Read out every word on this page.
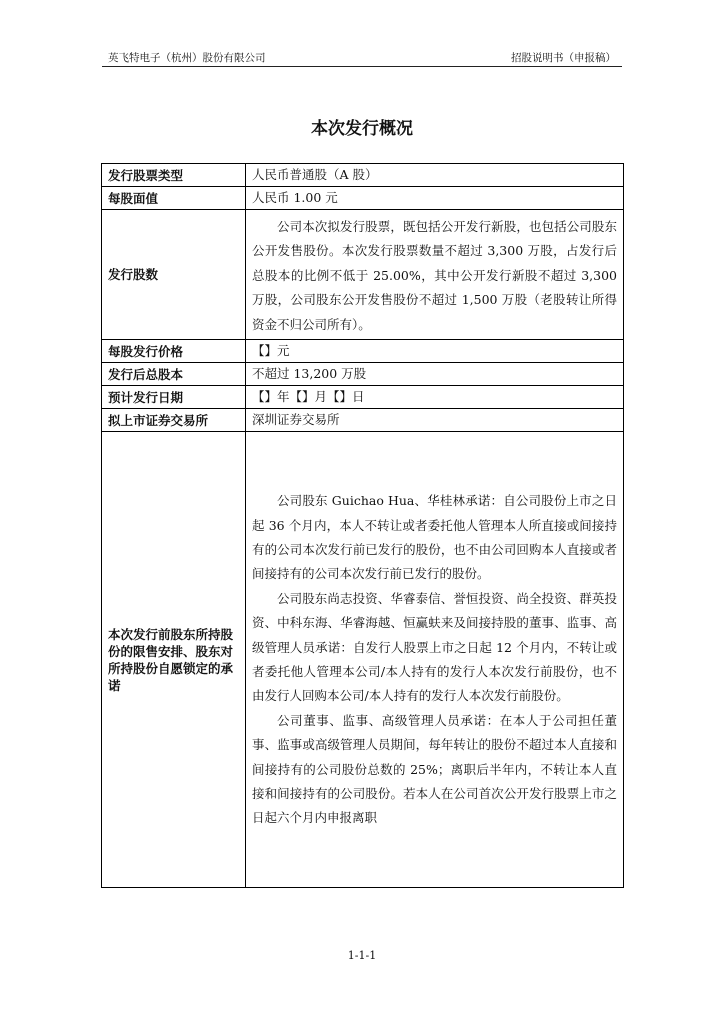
英飞特电子（杭州）股份有限公司	招股说明书（申报稿）
本次发行概况
发行股票类型	人民币普通股（A 股）
每股面值	人民币 1.00 元
发行股数	公司本次拟发行股票，既包括公开发行新股，也包括公司股东公开发售股份。本次发行股票数量不超过 3,300 万股，占发行后总股本的比例不低于 25.00%，其中公开发行新股不超过 3,300 万股，公司股东公开发售股份不超过 1,500 万股（老股转让所得资金不归公司所有）。

每股发行价格	【】元
发行后总股本	不超过 13,200 万股
预计发行日期	【】年【】月【】日
拟上市证券交易所	深圳证券交易所
本次发行前股东所持股份的限售安排、股东对所持股份自愿锁定的承诺	公司股东 Guichao Hua、华桂林承诺：自公司股份上市之日起 36 个月内，本人不转让或者委托他人管理本人所直接或间接持有的公司本次发行前已发行的股份，也不由公司回购本人直接或者间接持有的公司本次发行前已发行的股份。

公司股东尚志投资、华睿泰信、誉恒投资、尚全投资、群英投资、中科东海、华睿海越、恒赢蚨来及间接持股的董事、监事、高级管理人员承诺：自发行人股票上市之日起 12 个月内，不转让或者委托他人管理本公司/本人持有的发行人本次发行前股份，也不由发行人回购本公司/本人持有的发行人本次发行前股份。

公司董事、监事、高级管理人员承诺：在本人于公司担任董事、监事或高级管理人员期间，每年转让的股份不超过本人直接和间接持有的公司股份总数的 25%；离职后半年内，不转让本人直接和间接持有的公司股份。若本人在公司首次公开发行股票上市之日起六个月内申报离职

1-1-1
